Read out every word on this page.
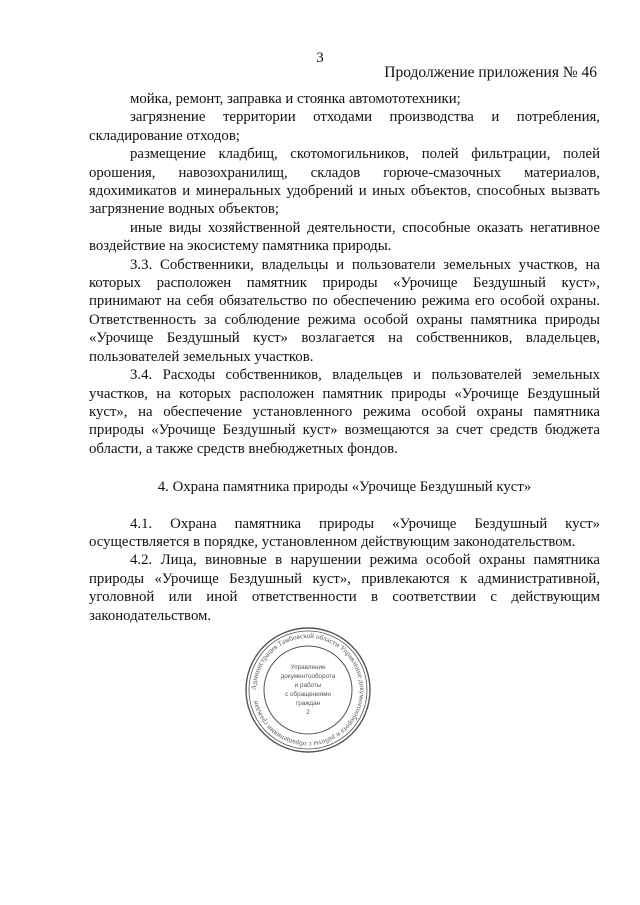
3
Продолжение приложения № 46

мойка, ремонт, заправка и стоянка автомототехники;

загрязнение территории отходами производства и потребления, складирование отходов;

размещение кладбищ, скотомогильников, полей фильтрации, полей орошения, навозохранилищ, складов горюче-смазочных материалов, ядохимикатов и минеральных удобрений и иных объектов, способных вызвать загрязнение водных объектов;

иные виды хозяйственной деятельности, способные оказать негативное воздействие на экосистему памятника природы.

3.3. Собственники, владельцы и пользователи земельных участков, на которых расположен памятник природы «Урочище Бездушный куст», принимают на себя обязательство по обеспечению режима его особой охраны. Ответственность за соблюдение режима особой охраны памятника природы «Урочище Бездушный куст» возлагается на собственников, владельцев, пользователей земельных участков.

3.4. Расходы собственников, владельцев и пользователей земельных участков, на которых расположен памятник природы «Урочище Бездушный куст», на обеспечение установленного режима особой охраны памятника природы «Урочище Бездушный куст» возмещаются за счет средств бюджета области, а также средств внебюджетных фондов.

4. Охрана памятника природы «Урочище Бездушный куст»

4.1. Охрана памятника природы «Урочище Бездушный куст» осуществляется в порядке, установленном действующим законодательством.

4.2. Лица, виновные в нарушении режима особой охраны памятника природы «Урочище Бездушный куст», привлекаются к административной, уголовной или иной ответственности в соответствии с действующим законодательством.

Администрация Тамбовской области Управление документооборота и работы с обращениями граждан
Управление
документооборота
и работы
с обращениями
граждан
2
